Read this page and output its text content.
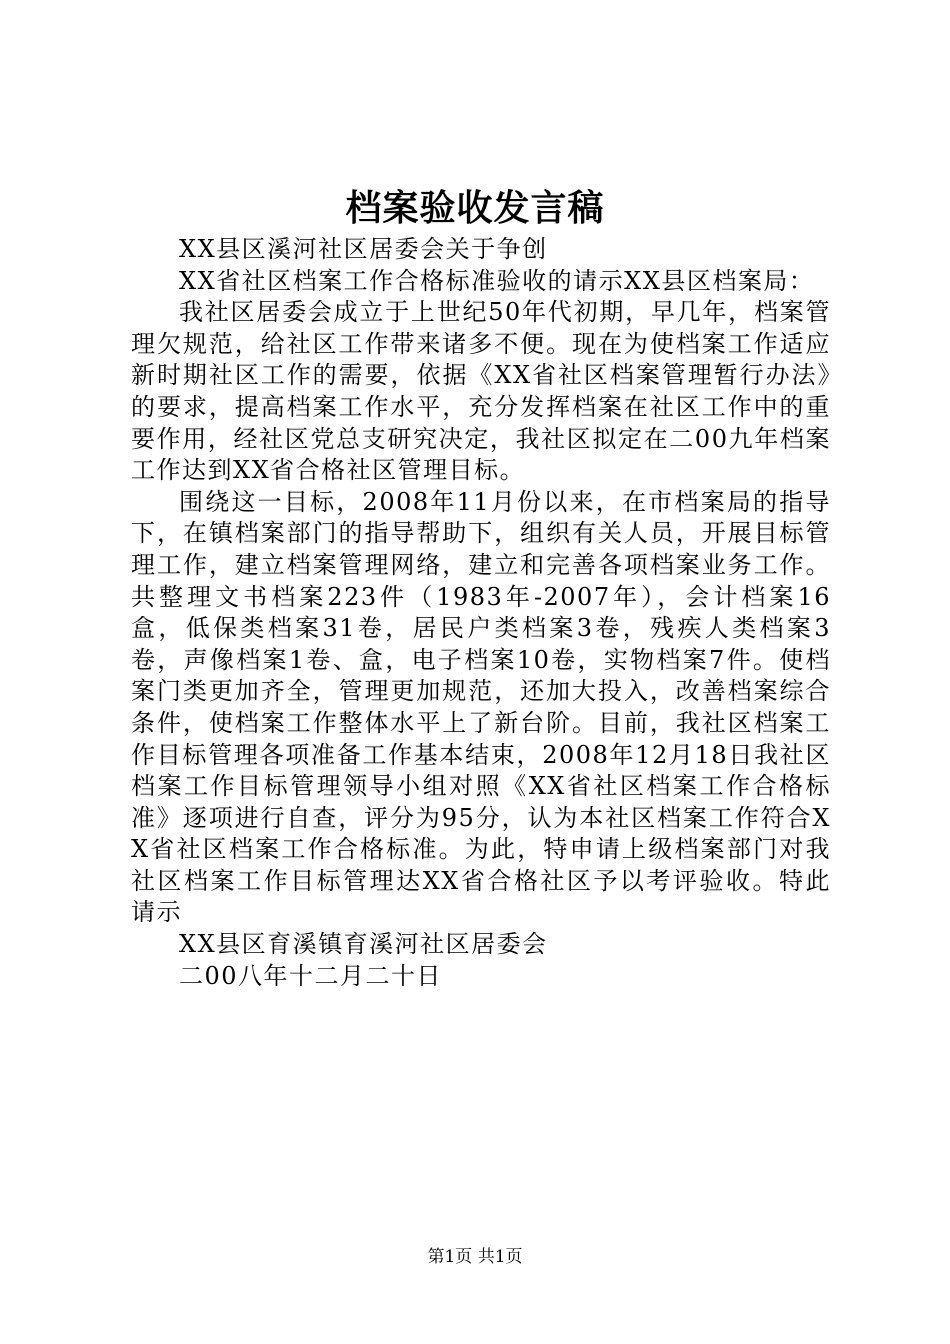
档案验收发言稿

XX县区溪河社区居委会关于争创

XX省社区档案工作合格标准验收的请示XX县区档案局：

我社区居委会成立于上世纪50年代初期，早几年，档案管理欠规范，给社区工作带来诸多不便。现在为使档案工作适应新时期社区工作的需要，依据《XX省社区档案管理暂行办法》的要求，提高档案工作水平，充分发挥档案在社区工作中的重要作用，经社区党总支研究决定，我社区拟定在二00九年档案工作达到XX省合格社区管理目标。

围绕这一目标，2008年11月份以来，在市档案局的指导下，在镇档案部门的指导帮助下，组织有关人员，开展目标管理工作，建立档案管理网络，建立和完善各项档案业务工作。共整理文书档案223件（1983年-2007年），会计档案16盒，低保类档案31卷，居民户类档案3卷，残疾人类档案3卷，声像档案1卷、盒，电子档案10卷，实物档案7件。使档案门类更加齐全，管理更加规范，还加大投入，改善档案综合条件，使档案工作整体水平上了新台阶。目前，我社区档案工作目标管理各项准备工作基本结束，2008年12月18日我社区档案工作目标管理领导小组对照《XX省社区档案工作合格标准》逐项进行自查，评分为95分，认为本社区档案工作符合XX省社区档案工作合格标准。为此，特申请上级档案部门对我社区档案工作目标管理达XX省合格社区予以考评验收。特此请示

XX县区育溪镇育溪河社区居委会

二00八年十二月二十日

第1页 共1页
